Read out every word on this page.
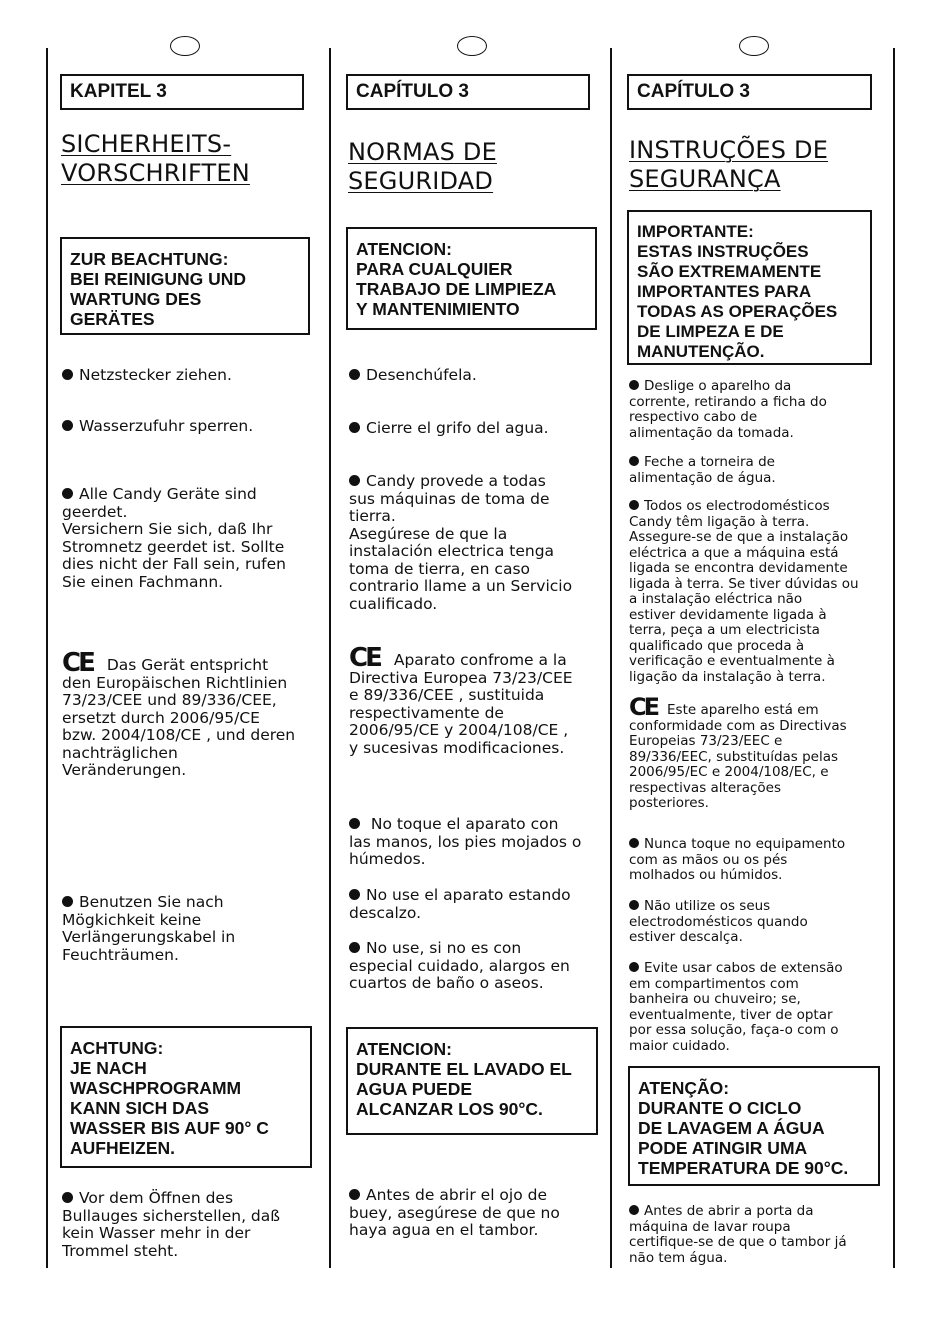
KAPITEL 3
SICHERHEITS-
VORSCHRIFTEN
ZUR BEACHTUNG:
BEI REINIGUNG UND
WARTUNG DES
GERÄTES
Netzstecker ziehen.
Wasserzufuhr sperren.
Alle Candy Geräte sind
geerdet.
Versichern Sie sich, daß Ihr
Stromnetz geerdet ist. Sollte
dies nicht der Fall sein, rufen
Sie einen Fachmann.
CE Das Gerät entspricht
den Europäischen Richtlinien
73/23/CEE und 89/336/CEE,
ersetzt durch 2006/95/CE
bzw. 2004/108/CE , und deren
nachträglichen
Veränderungen.
Benutzen Sie nach
Mögkichkeit keine
Verlängerungskabel in
Feuchträumen.
ACHTUNG:
JE NACH
WASCHPROGRAMM
KANN SICH DAS
WASSER BIS AUF 90° C
AUFHEIZEN.
Vor dem Öffnen des
Bullauges sicherstellen, daß
kein Wasser mehr in der
Trommel steht.
CAPÍTULO 3
NORMAS DE
SEGURIDAD
ATENCION:
PARA CUALQUIER
TRABAJO DE LIMPIEZA
Y MANTENIMIENTO
Desenchúfela.
Cierre el grifo del agua.
Candy provede a todas
sus máquinas de toma de
tierra.
Asegúrese de que la
instalación electrica tenga
toma de tierra, en caso
contrario llame a un Servicio
cualificado.
CE Aparato confrome a la
Directiva Europea 73/23/CEE
e 89/336/CEE , sustituida
respectivamente de
2006/95/CE y 2004/108/CE ,
y sucesivas modificaciones.
No toque el aparato con
las manos, los pies mojados o
húmedos.
No use el aparato estando
descalzo.
No use, si no es con
especial cuidado, alargos en
cuartos de baño o aseos.
ATENCION:
DURANTE EL LAVADO EL
AGUA PUEDE
ALCANZAR LOS 90°C.
Antes de abrir el ojo de
buey, asegúrese de que no
haya agua en el tambor.
CAPÍTULO 3
INSTRUÇÕES DE
SEGURANÇA
IMPORTANTE:
ESTAS INSTRUÇÕES
SÃO EXTREMAMENTE
IMPORTANTES PARA
TODAS AS OPERAÇÕES
DE LIMPEZA E DE
MANUTENÇÃO.
Deslige o aparelho da
corrente, retirando a ficha do
respectivo cabo de
alimentação da tomada.
Feche a torneira de
alimentação de água.
Todos os electrodomésticos
Candy têm ligação à terra.
Assegure-se de que a instalação
eléctrica a que a máquina está
ligada se encontra devidamente
ligada à terra. Se tiver dúvidas ou
a instalação eléctrica não
estiver devidamente ligada à
terra, peça a um electricista
qualificado que proceda à
verificação e eventualmente à
ligação da instalação à terra.
CE Este aparelho está em
conformidade com as Directivas
Europeias 73/23/EEC e
89/336/EEC, substituídas pelas
2006/95/EC e 2004/108/EC, e
respectivas alterações
posteriores.
Nunca toque no equipamento
com as mãos ou os pés
molhados ou húmidos.
Não utilize os seus
electrodomésticos quando
estiver descalça.
Evite usar cabos de extensão
em compartimentos com
banheira ou chuveiro; se,
eventualmente, tiver de optar
por essa solução, faça-o com o
maior cuidado.
ATENÇÃO:
DURANTE O CICLO
DE LAVAGEM A ÁGUA
PODE ATINGIR UMA
TEMPERATURA DE 90°C.
Antes de abrir a porta da
máquina de lavar roupa
certifique-se de que o tambor já
não tem água.
